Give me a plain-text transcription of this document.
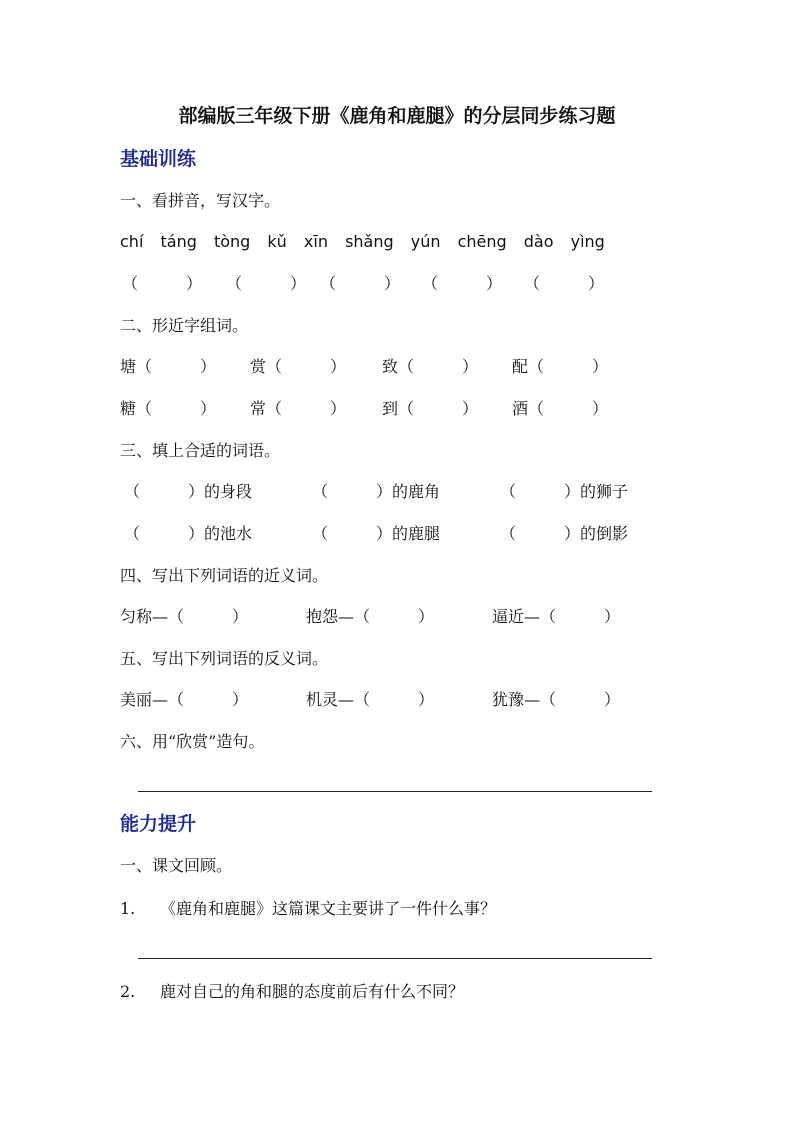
部编版三年级下册《鹿角和鹿腿》的分层同步练习题
基础训练
一、看拼音，写汉字。
chí táng tòng kǔ xīn shǎng yún chēng dào yìng
（　　　） （　　　） （　　　） （　　　） （　　　）
二、形近字组词。
塘（　　　） 赏（　　　） 致（　　　） 配（　　　）
糖（　　　） 常（　　　） 到（　　　） 酒（　　　）
三、填上合适的词语。
（　　　）的身段	（　　　）的鹿角	（　　　）的狮子
（　　　）的池水	（　　　）的鹿腿	（　　　）的倒影
四、写出下列词语的近义词。
匀称—（　　　）	抱怨—（　　　）	逼近—（　　　）
五、写出下列词语的反义词。
美丽—（　　　）	机灵—（　　　）	犹豫—（　　　）
六、用“欣赏”造句。
能力提升
一、课文回顾。
1. 《鹿角和鹿腿》这篇课文主要讲了一件什么事？
2. 鹿对自己的角和腿的态度前后有什么不同？
